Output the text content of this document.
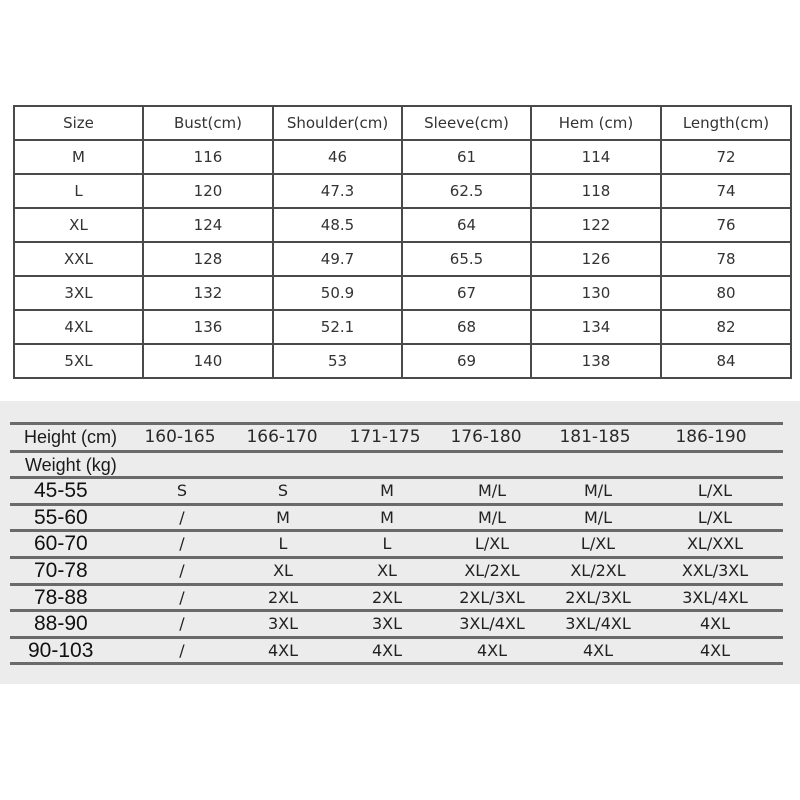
Size	Bust(cm)	Shoulder(cm)	Sleeve(cm)	Hem (cm)	Length(cm)
M	116	46	61	114	72
L	120	47.3	62.5	118	74
XL	124	48.5	64	122	76
XXL	128	49.7	65.5	126	78
3XL	132	50.9	67	130	80
4XL	136	52.1	68	134	82
5XL	140	53	69	138	84
Height (cm)	160-165	166-170	171-175	176-180	181-185	186-190
Weight (kg)
45-55	S	S	M	M/L	M/L	L/XL
55-60	/	M	M	M/L	M/L	L/XL
60-70	/	L	L	L/XL	L/XL	XL/XXL
70-78	/	XL	XL	XL/2XL	XL/2XL	XXL/3XL
78-88	/	2XL	2XL	2XL/3XL	2XL/3XL	3XL/4XL
88-90	/	3XL	3XL	3XL/4XL	3XL/4XL	4XL
90-103	/	4XL	4XL	4XL	4XL	4XL
